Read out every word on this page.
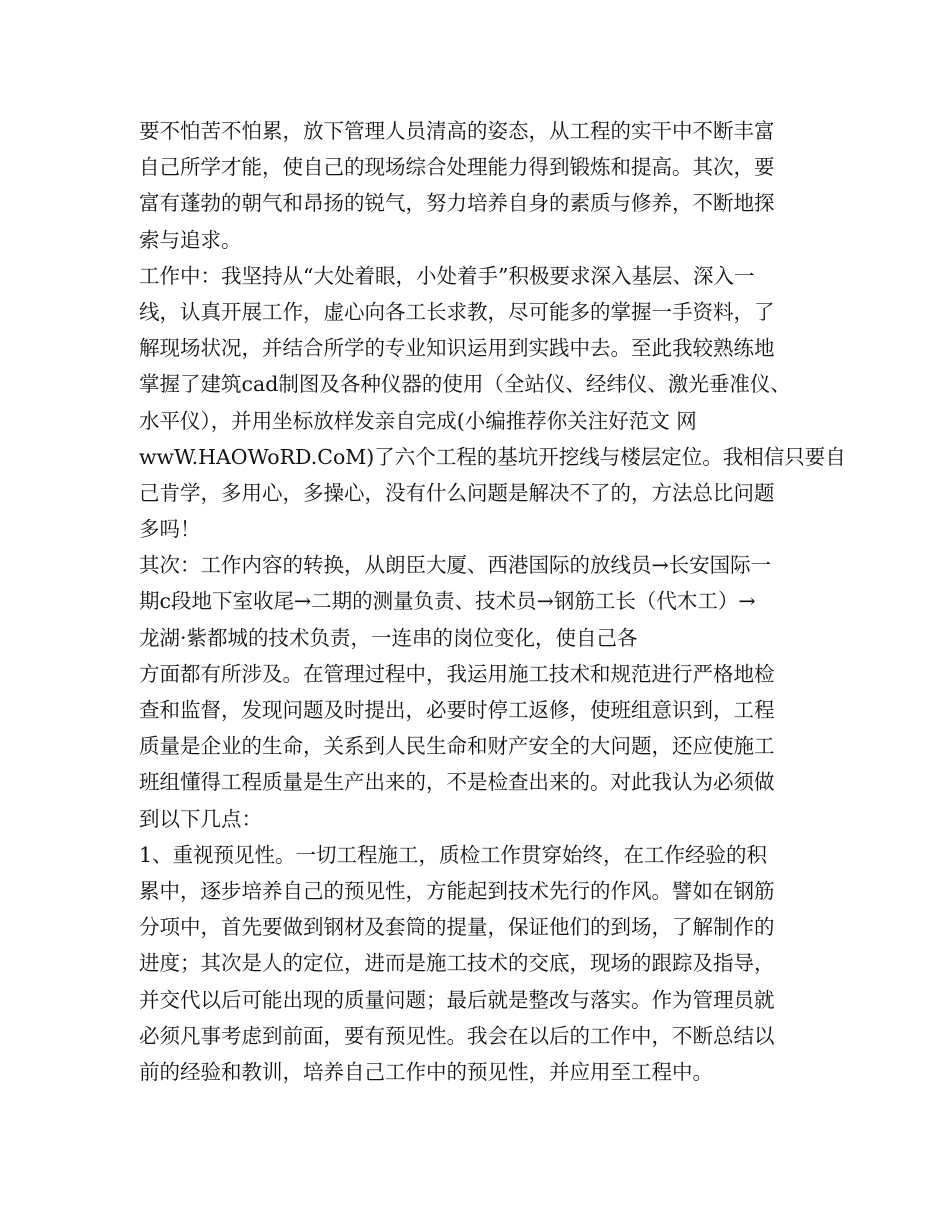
要不怕苦不怕累，放下管理人员清高的姿态，从工程的实干中不断丰富
自己所学才能，使自己的现场综合处理能力得到锻炼和提高。其次，要
富有蓬勃的朝气和昂扬的锐气，努力培养自身的素质与修养，不断地探
索与追求。
工作中：我坚持从“大处着眼，小处着手”积极要求深入基层、深入一
线，认真开展工作，虚心向各工长求教，尽可能多的掌握一手资料，了
解现场状况，并结合所学的专业知识运用到实践中去。至此我较熟练地
掌握了建筑cad制图及各种仪器的使用（全站仪、经纬仪、激光垂准仪、
水平仪），并用坐标放样发亲自完成(小编推荐你关注好范文 网
wwW.HAOWoRD.CoM)了六个工程的基坑开挖线与楼层定位。我相信只要自
己肯学，多用心，多操心，没有什么问题是解决不了的，方法总比问题
多吗！
其次：工作内容的转换，从朗臣大厦、西港国际的放线员→长安国际一
期c段地下室收尾→二期的测量负责、技术员→钢筋工长（代木工）→
龙湖·紫都城的技术负责，一连串的岗位变化，使自己各
方面都有所涉及。在管理过程中，我运用施工技术和规范进行严格地检
查和监督，发现问题及时提出，必要时停工返修，使班组意识到，工程
质量是企业的生命，关系到人民生命和财产安全的大问题，还应使施工
班组懂得工程质量是生产出来的，不是检查出来的。对此我认为必须做
到以下几点：
1、重视预见性。一切工程施工，质检工作贯穿始终，在工作经验的积
累中，逐步培养自己的预见性，方能起到技术先行的作风。譬如在钢筋
分项中，首先要做到钢材及套筒的提量，保证他们的到场，了解制作的
进度；其次是人的定位，进而是施工技术的交底，现场的跟踪及指导，
并交代以后可能出现的质量问题；最后就是整改与落实。作为管理员就
必须凡事考虑到前面，要有预见性。我会在以后的工作中，不断总结以
前的经验和教训，培养自己工作中的预见性，并应用至工程中。
